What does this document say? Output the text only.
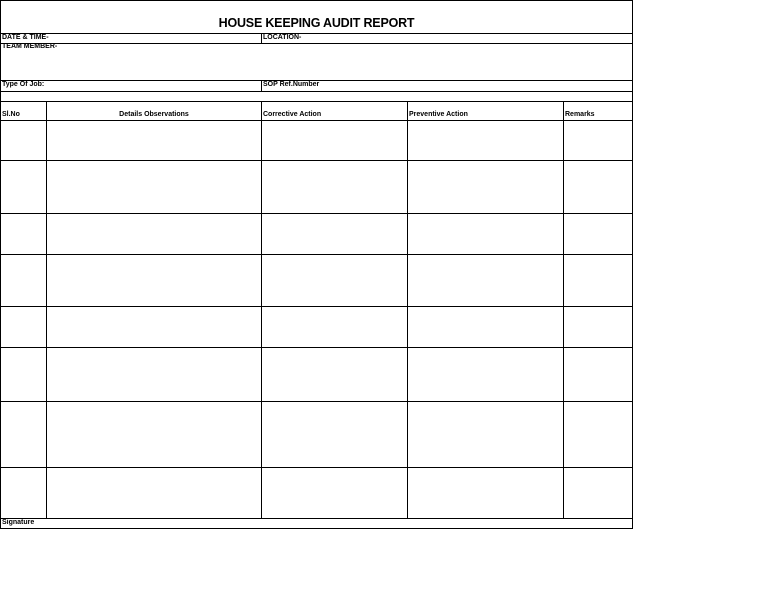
HOUSE KEEPING AUDIT REPORT
DATE & TIME-	LOCATION-
TEAM MEMBER-
Type Of Job:	SOP Ref.Number
Sl.No	Details Observations	Corrective Action	Preventive Action	Remarks
Signature
